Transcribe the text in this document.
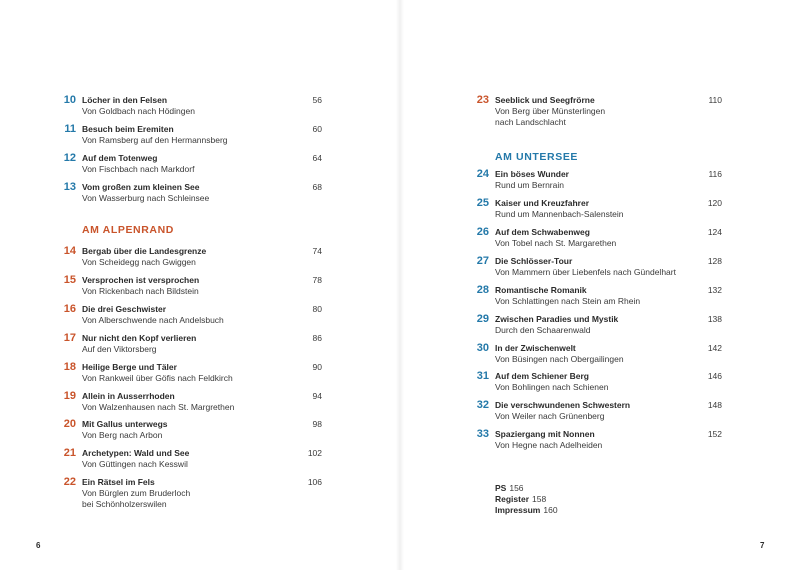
10 Löcher in den Felsen
Von Goldbach nach Hödingen
56
11 Besuch beim Eremiten
Von Ramsberg auf den Hermannsberg
60
12 Auf dem Totenweg
Von Fischbach nach Markdorf
64
13 Vom großen zum kleinen See
Von Wasserburg nach Schleinsee
68
AM ALPENRAND
14 Bergab über die Landesgrenze
Von Scheidegg nach Gwiggen
74
15 Versprochen ist versprochen
Von Rickenbach nach Bildstein
78
16 Die drei Geschwister
Von Alberschwende nach Andelsbuch
80
17 Nur nicht den Kopf verlieren
Auf den Viktorsberg
86
18 Heilige Berge und Täler
Von Rankweil über Göfis nach Feldkirch
90
19 Allein in Ausserrhoden
Von Walzenhausen nach St. Margrethen
94
20 Mit Gallus unterwegs
Von Berg nach Arbon
98
21 Archetypen: Wald und See
Von Güttingen nach Kesswil
102
22 Ein Rätsel im Fels
Von Bürglen zum Bruderloch
bei Schönholzerswilen
106
6
23 Seeblick und Seegfrörne
Von Berg über Münsterlingen
nach Landschlacht
110
AM UNTERSEE
24 Ein böses Wunder
Rund um Bernrain
116
25 Kaiser und Kreuzfahrer
Rund um Mannenbach-Salenstein
120
26 Auf dem Schwabenweg
Von Tobel nach St. Margarethen
124
27 Die Schlösser-Tour
Von Mammern über Liebenfels nach Gündelhart
128
28 Romantische Romanik
Von Schlattingen nach Stein am Rhein
132
29 Zwischen Paradies und Mystik
Durch den Schaarenwald
138
30 In der Zwischenwelt
Von Büsingen nach Obergailingen
142
31 Auf dem Schiener Berg
Von Bohlingen nach Schienen
146
32 Die verschwundenen Schwestern
Von Weiler nach Grünenberg
148
33 Spaziergang mit Nonnen
Von Hegne nach Adelheiden
152
PS 156
Register 158
Impressum 160
7
